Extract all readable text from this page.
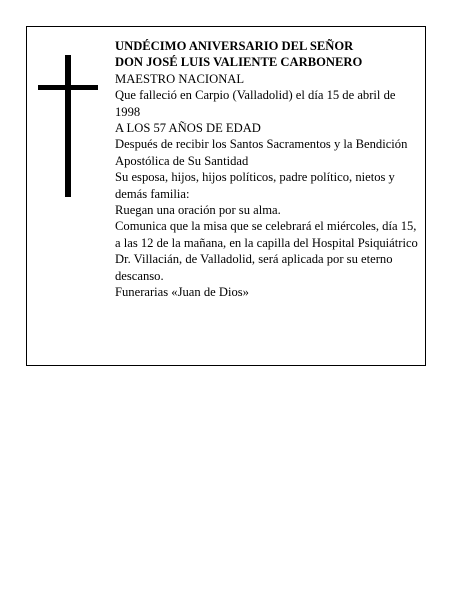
UNDÉCIMO ANIVERSARIO DEL SEÑOR

DON JOSÉ LUIS VALIENTE CARBONERO

MAESTRO NACIONAL

Que falleció en Carpio (Valladolid) el día 15 de abril de 1998

A LOS 57 AÑOS DE EDAD

Después de recibir los Santos Sacramentos y la Bendición Apostólica de Su Santidad

Su esposa, hijos, hijos políticos, padre político, nietos y demás familia:

Ruegan una oración por su alma.

Comunica que la misa que se celebrará el miércoles, día 15, a las 12 de la mañana, en la capilla del Hospital Psiquiátrico Dr. Villacián, de Valladolid, será aplicada por su eterno descanso.

Funerarias «Juan de Dios»
